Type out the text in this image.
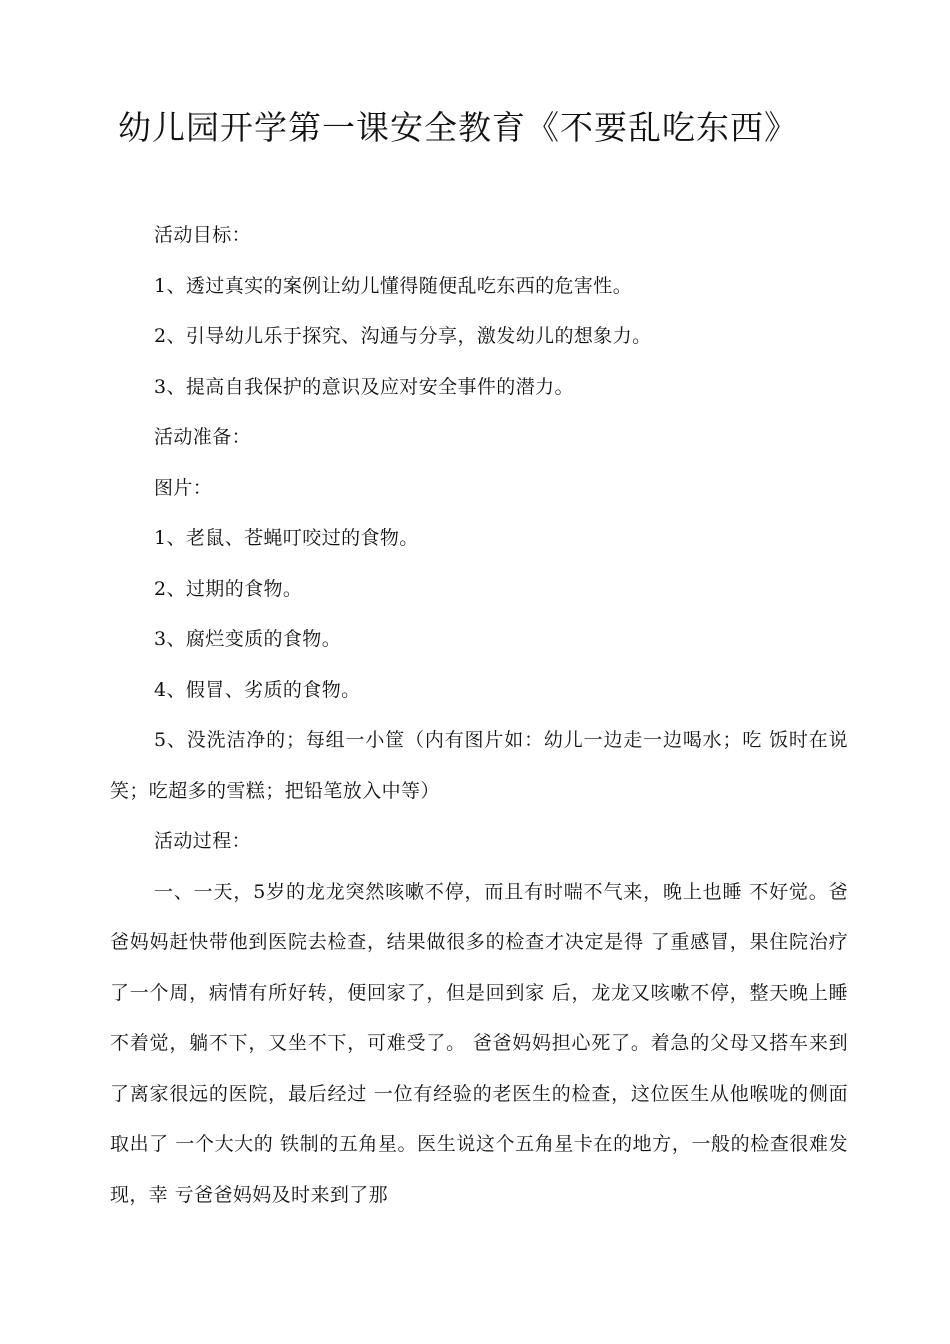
幼儿园开学第一课安全教育《不要乱吃东西》

活动目标：

1、透过真实的案例让幼儿懂得随便乱吃东西的危害性。

2、引导幼儿乐于探究、沟通与分享，激发幼儿的想象力。

3、提高自我保护的意识及应对安全事件的潜力。

活动准备：

图片：

1、老鼠、苍蝇叮咬过的食物。

2、过期的食物。

3、腐烂变质的食物。

4、假冒、劣质的食物。

5、没洗洁净的；每组一小筐（内有图片如：幼儿一边走一边喝水；吃 饭时在说笑；吃超多的雪糕；把铅笔放入中等）

活动过程：

一、一天，5岁的龙龙突然咳嗽不停，而且有时喘不气来，晚上也睡 不好觉。爸爸妈妈赶快带他到医院去检查，结果做很多的检查才决定是得 了重感冒，果住院治疗了一个周，病情有所好转，便回家了，但是回到家 后，龙龙又咳嗽不停，整天晚上睡不着觉，躺不下，又坐不下，可难受了。 爸爸妈妈担心死了。着急的父母又搭车来到了离家很远的医院，最后经过 一位有经验的老医生的检查，这位医生从他喉咙的侧面取出了 一个大大的 铁制的五角星。医生说这个五角星卡在的地方，一般的检查很难发现，幸 亏爸爸妈妈及时来到了那
